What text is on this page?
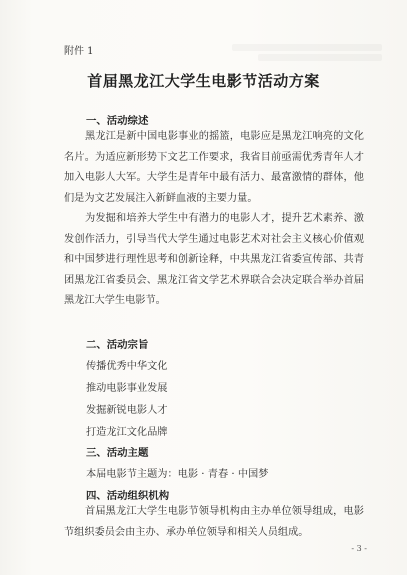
附件 1
首届黑龙江大学生电影节活动方案
一、活动综述

黑龙江是新中国电影事业的摇篮，电影应是黑龙江响亮的文化名片。为适应新形势下文艺工作要求，我省目前亟需优秀青年人才加入电影人大军。大学生是青年中最有活力、最富激情的群体，他们是为文艺发展注入新鲜血液的主要力量。

为发掘和培养大学生中有潜力的电影人才，提升艺术素养、激发创作活力，引导当代大学生通过电影艺术对社会主义核心价值观和中国梦进行理性思考和创新诠释，中共黑龙江省委宣传部、共青团黑龙江省委员会、黑龙江省文学艺术界联合会决定联合举办首届黑龙江大学生电影节。

二、活动宗旨
传播优秀中华文化
推动电影事业发展
发掘新锐电影人才
打造龙江文化品牌
三、活动主题
本届电影节主题为：电影 · 青春 · 中国梦
四、活动组织机构

首届黑龙江大学生电影节领导机构由主办单位领导组成，电影节组织委员会由主办、承办单位领导和相关人员组成。

- 3 -
